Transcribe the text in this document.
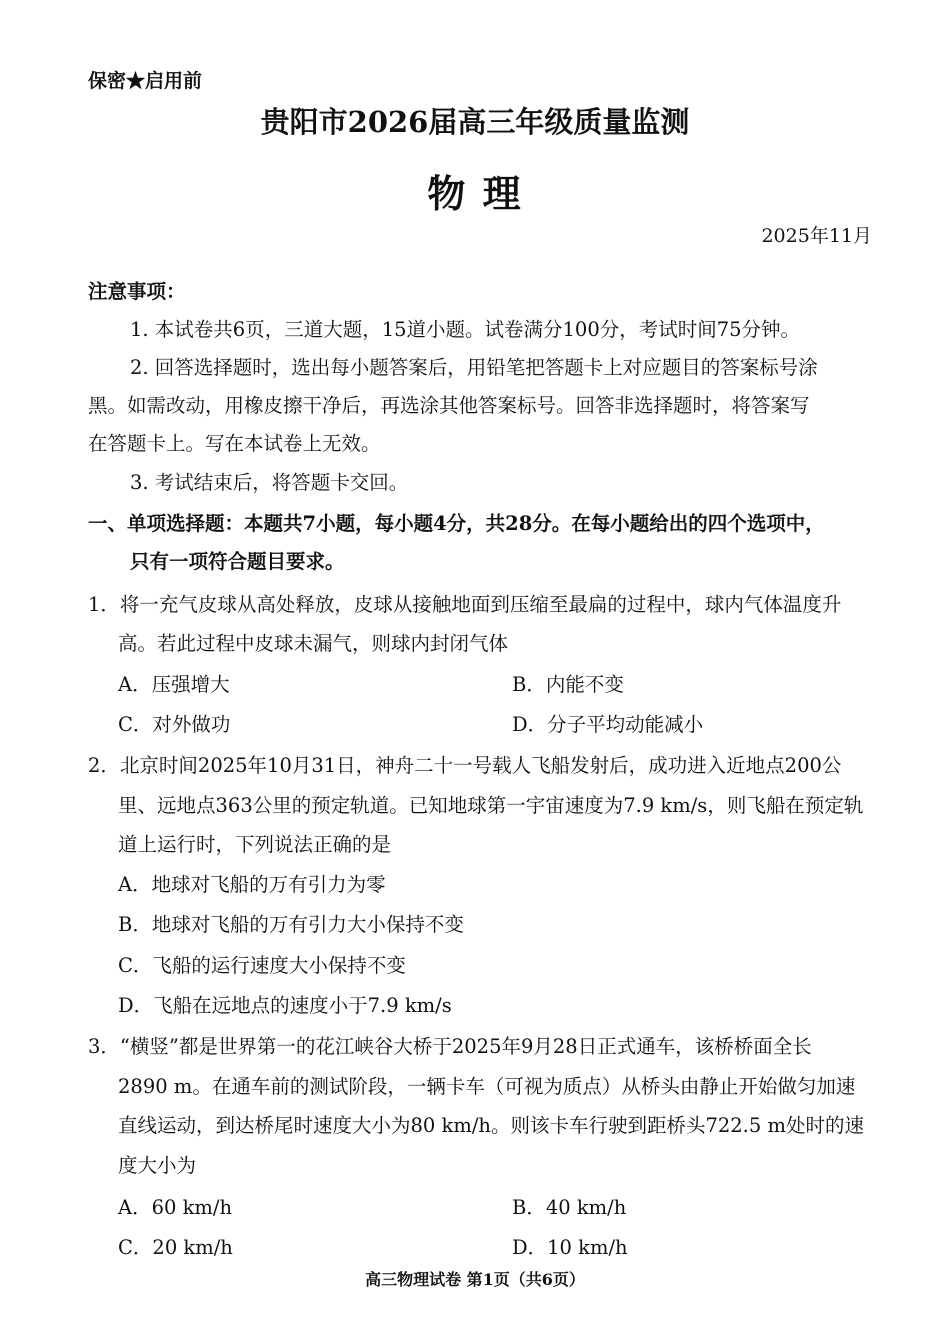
保密★启用前
贵阳市2026届高三年级质量监测
物 理
2025年11月
注意事项：
1. 本试卷共6页，三道大题，15道小题。试卷满分100分，考试时间75分钟。
2. 回答选择题时，选出每小题答案后，用铅笔把答题卡上对应题目的答案标号涂
黑。如需改动，用橡皮擦干净后，再选涂其他答案标号。回答非选择题时，将答案写
在答题卡上。写在本试卷上无效。
3. 考试结束后，将答题卡交回。
一、单项选择题：本题共7小题，每小题4分，共28分。在每小题给出的四个选项中，
只有一项符合题目要求。
1．将一充气皮球从高处释放，皮球从接触地面到压缩至最扁的过程中，球内气体温度升
高。若此过程中皮球未漏气，则球内封闭气体
A．压强增大	B．内能不变
C．对外做功	D．分子平均动能减小
2．北京时间2025年10月31日，神舟二十一号载人飞船发射后，成功进入近地点200公
里、远地点363公里的预定轨道。已知地球第一宇宙速度为7.9 km/s，则飞船在预定轨
道上运行时，下列说法正确的是
A．地球对飞船的万有引力为零
B．地球对飞船的万有引力大小保持不变
C．飞船的运行速度大小保持不变
D．飞船在远地点的速度小于7.9 km/s
3．“横竖”都是世界第一的花江峡谷大桥于2025年9月28日正式通车，该桥桥面全长
2890 m。在通车前的测试阶段，一辆卡车（可视为质点）从桥头由静止开始做匀加速
直线运动，到达桥尾时速度大小为80 km/h。则该卡车行驶到距桥头722.5 m处时的速
度大小为
A．60 km/h	B．40 km/h
C．20 km/h	D．10 km/h
高三物理试卷 第1页（共6页）
